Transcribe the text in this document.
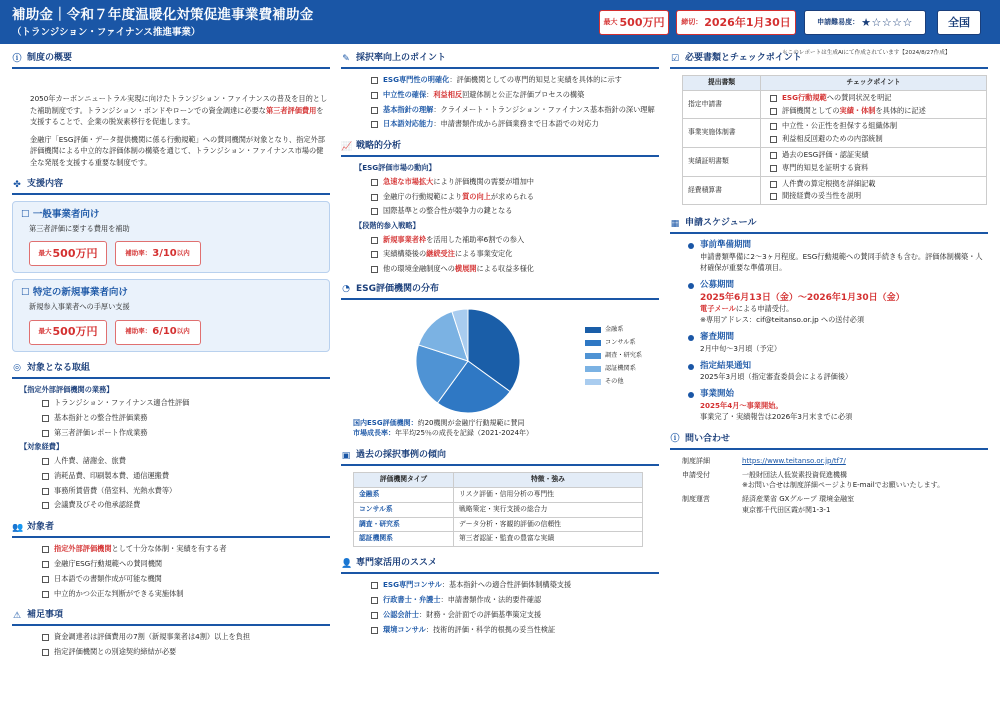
補助金｜令和７年度温暖化対策促進事業費補助金
（トランジション・ファイナンス推進事業）
最大 500万円 締切： 2026年1月30日	申請難易度： ★☆☆☆☆	全国
＊このレポートは生成AIにて作成されています【2024/8/27作成】
ⓘ 制度の概要
2050年カーボンニュートラル実現に向けたトランジション・ファイナンスの普及を目的とした補助制度です。トランジション・ボンドやローンでの資金調達に必要な第三者評価費用を支援することで、企業の脱炭素移行を促進します。
金融庁「ESG評価・データ提供機関に係る行動規範」への賛同機関が対象となり、指定外部評価機関による中立的な評価体制の構築を通じて、トランジション・ファイナンス市場の健全な発展を支援する重要な制度です。
✤ 支援内容
☐ 一般事業者向け
第三者評価に要する費用を補助
最大 500万円	補助率： 3/10 以内
☐ 特定の新規事業者向け
新規参入事業者への手厚い支援
最大 500万円	補助率： 6/10 以内
◎ 対象となる取組
【指定外部評価機関の業務】
トランジション・ファイナンス適合性評価
基本指針との整合性評価業務
第三者評価レポート作成業務
【対象経費】
人件費、諸謝金、旅費
消耗品費、印刷製本費、通信運搬費
事務所賃借費（借室料、光熱水費等）
会議費及びその他承認経費
👥 対象者
指定外部評価機関として十分な体制・実績を有する者
金融庁ESG行動規範への賛同機関
日本語での書類作成が可能な機関
中立的かつ公正な判断ができる実施体制
⚠ 補足事項
資金調達者は評価費用の7割（新規事業者は4割）以上を負担
指定評価機関との別途契約締結が必要
✎ 採択率向上のポイント
ESG専門性の明確化：評価機関としての専門的知見と実績を具体的に示す
中立性の確保：利益相反回避体制と公正な評価プロセスの構築
基本指針の理解：クライメート・トランジション・ファイナンス基本指針の深い理解
日本語対応能力：申請書類作成から評価業務まで日本語での対応力
📈 戦略的分析
【ESG評価市場の動向】
急速な市場拡大により評価機関の需要が増加中
金融庁の行動規範により質の向上が求められる
国際基準との整合性が競争力の鍵となる
【段階的参入戦略】
新規事業者枠を活用した補助率6割での参入
実績構築後の継続受注による事業安定化
他の環境金融制度への横展開による収益多様化
◔ ESG評価機関の分布
金融系
コンサル系
調査・研究系
認証機関系
その他
国内ESG評価機関：約20機関が金融庁行動規範に賛同
市場成長率：年平均25％の成長を記録（2021-2024年）
▣ 過去の採択事例の傾向
評価機関タイプ	特徴・強み
金融系	リスク評価・信用分析の専門性
コンサル系	戦略策定・実行支援の総合力
調査・研究系	データ分析・客観的評価の信頼性
認証機関系	第三者認証・監査の豊富な実績
👤 専門家活用のススメ
ESG専門コンサル：基本指針への適合性評価体制構築支援
行政書士・弁護士：申請書類作成・法的要件確認
公認会計士：財務・会計面での評価基準策定支援
環境コンサル：技術的評価・科学的根拠の妥当性検証
☑ 必要書類とチェックポイント
提出書類	チェックポイント
指定申請書	ESG行動規範への賛同状況を明記
評価機関としての実績・体制を具体的に記述

事業実施体制書	中立性・公正性を担保する組織体制
利益相反回避のための内部統制

実績証明書類	過去のESG評価・認証実績
専門的知見を証明する資料

経費積算書	人件費の算定根拠を詳細記載
間接経費の妥当性を説明
▦ 申請スケジュール
事前準備期間
申請書類準備に2〜3ヶ月程度。ESG行動規範への賛同手続きも含む。評価体制構築・人材確保が重要な準備項目。
公募期間
2025年6月13日（金）〜2026年1月30日（金）
電子メールによる申請受付。
※専用アドレス：cif@teitanso.or.jp への送付必須
審査期間
2月中旬〜3月頃（予定）
指定結果通知
2025年3月頃（指定審査委員会による評価後）
事業開始
2025年4月〜事業開始。
事業完了・実績報告は2026年3月末までに必須
ⓘ 問い合わせ
制度詳細	https://www.teitanso.or.jp/tf7/
申請受付	一般財団法人低炭素投資促進機構
※お問い合せは制度詳細ページよりE-mailでお願いいたします。
制度運営	経済産業省 GXグループ 環境金融室
東京都千代田区霞が関1-3-1
